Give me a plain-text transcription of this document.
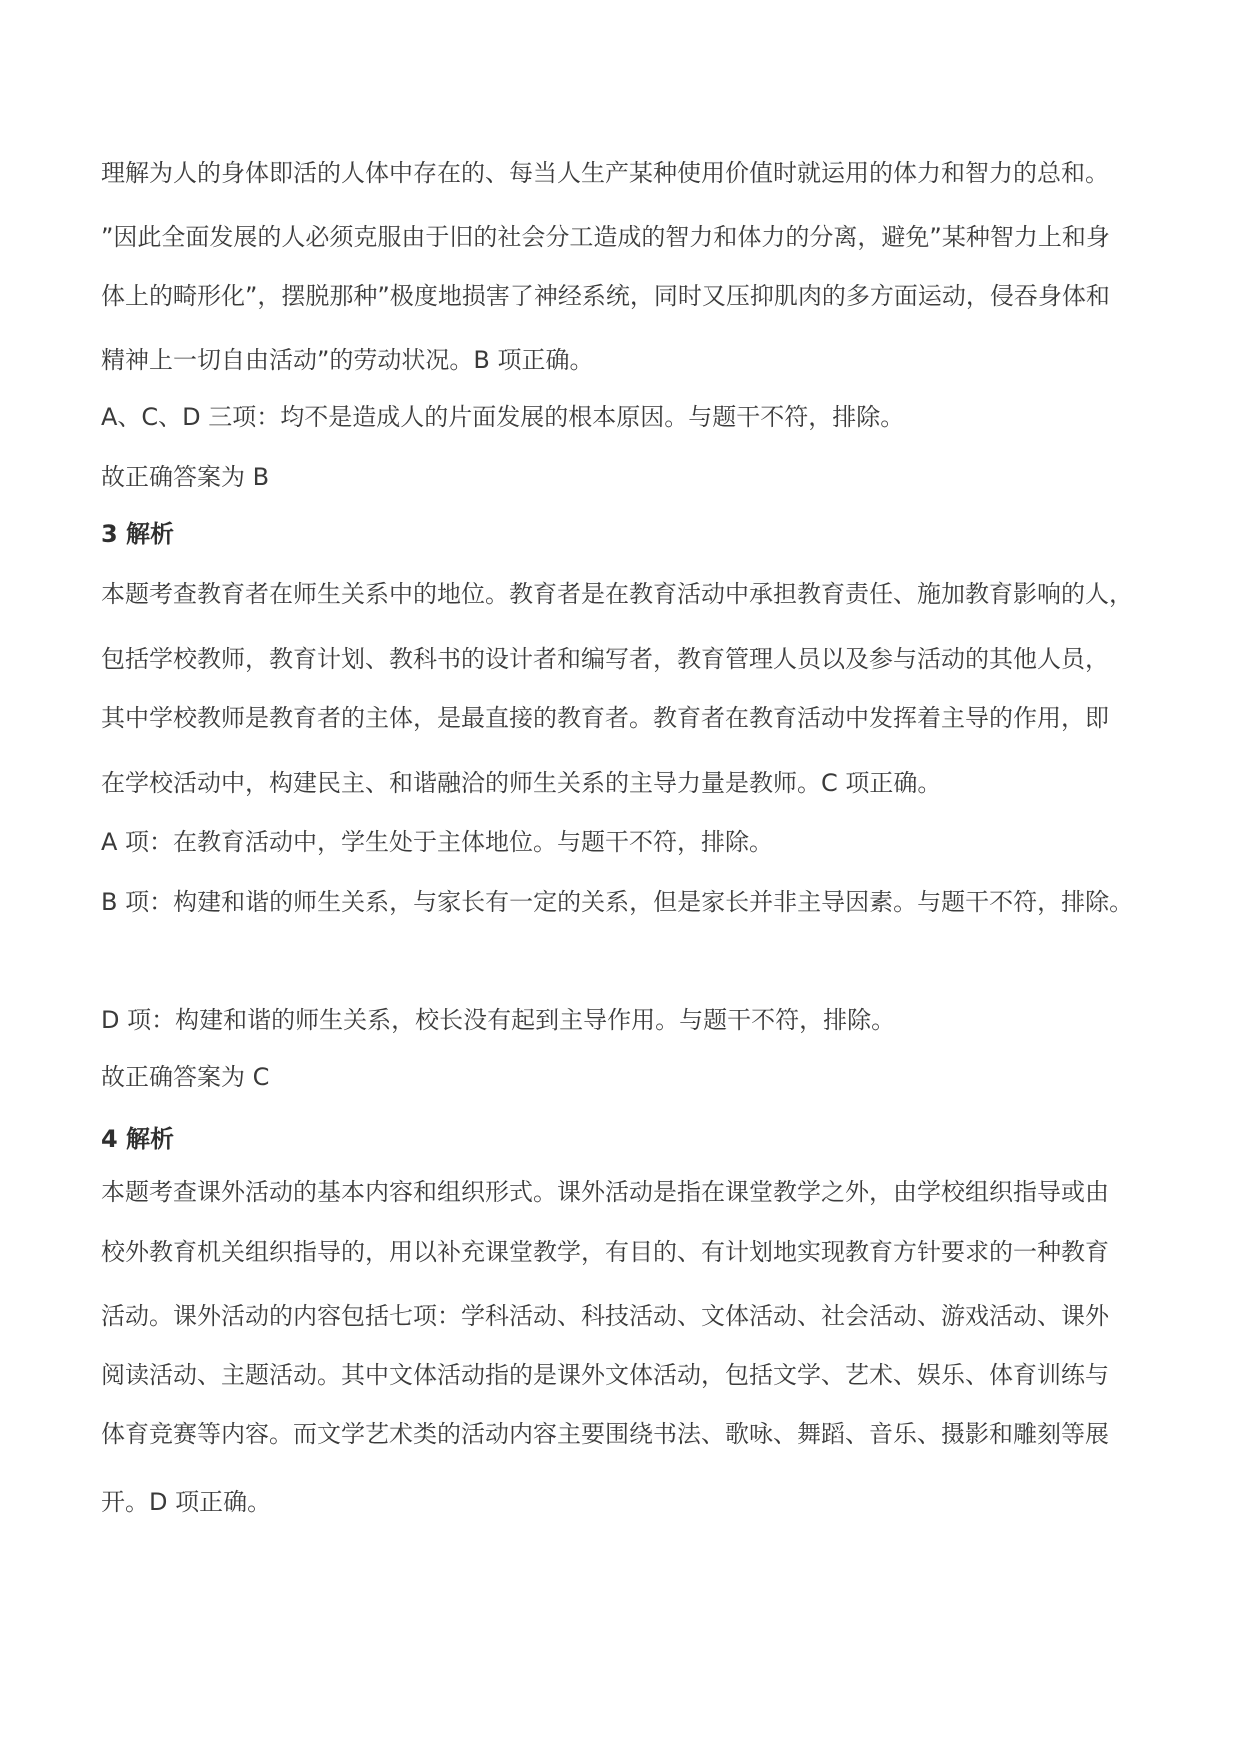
理解为人的身体即活的人体中存在的、每当人生产某种使用价值时就运用的体力和智力的总和。
”因此全面发展的人必须克服由于旧的社会分工造成的智力和体力的分离，避免”某种智力上和身
体上的畸形化”，摆脱那种”极度地损害了神经系统，同时又压抑肌肉的多方面运动，侵吞身体和
精神上一切自由活动”的劳动状况。B 项正确。
A、C、D 三项：均不是造成人的片面发展的根本原因。与题干不符，排除。
故正确答案为 B
3 解析
本题考查教育者在师生关系中的地位。教育者是在教育活动中承担教育责任、施加教育影响的人，
包括学校教师，教育计划、教科书的设计者和编写者，教育管理人员以及参与活动的其他人员，
其中学校教师是教育者的主体，是最直接的教育者。教育者在教育活动中发挥着主导的作用，即
在学校活动中，构建民主、和谐融洽的师生关系的主导力量是教师。C 项正确。
A 项：在教育活动中，学生处于主体地位。与题干不符，排除。
B 项：构建和谐的师生关系，与家长有一定的关系，但是家长并非主导因素。与题干不符，排除。
D 项：构建和谐的师生关系，校长没有起到主导作用。与题干不符，排除。
故正确答案为 C
4 解析
本题考查课外活动的基本内容和组织形式。课外活动是指在课堂教学之外，由学校组织指导或由
校外教育机关组织指导的，用以补充课堂教学，有目的、有计划地实现教育方针要求的一种教育
活动。课外活动的内容包括七项：学科活动、科技活动、文体活动、社会活动、游戏活动、课外
阅读活动、主题活动。其中文体活动指的是课外文体活动，包括文学、艺术、娱乐、体育训练与
体育竞赛等内容。而文学艺术类的活动内容主要围绕书法、歌咏、舞蹈、音乐、摄影和雕刻等展
开。D 项正确。
